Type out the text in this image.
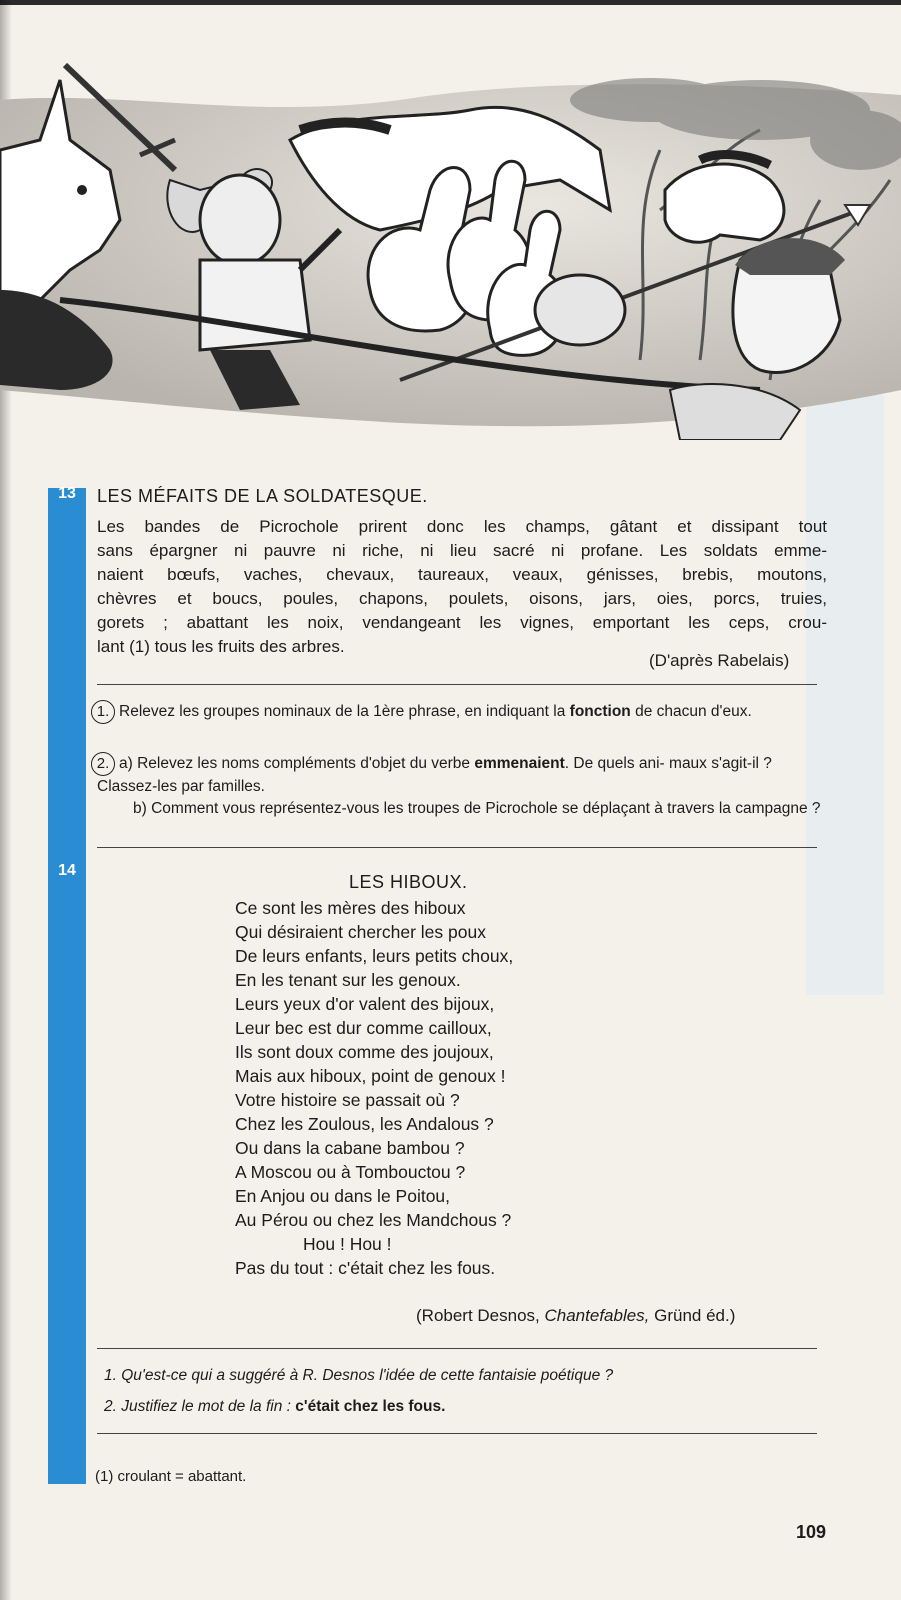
13
14
LES MÉFAITS DE LA SOLDATESQUE.
Les bandes de Picrochole prirent donc les champs, gâtant et dissipant tout
sans épargner ni pauvre ni riche, ni lieu sacré ni profane. Les soldats emme-
naient bœufs, vaches, chevaux, taureaux, veaux, génisses, brebis, moutons,
chèvres et boucs, poules, chapons, poulets, oisons, jars, oies, porcs, truies,
gorets ; abattant les noix, vendangeant les vignes, emportant les ceps, crou-
lant (1) tous les fruits des arbres.
(D'après Rabelais)

1. Relevez les groupes nominaux de la 1ère phrase, en indiquant la fonction de chacun d'eux.

2. a) Relevez les noms compléments d'objet du verbe emmenaient. De quels ani- maux s'agit-il ? Classez-les par familles.

b) Comment vous représentez-vous les troupes de Picrochole se déplaçant à travers la campagne ?

LES HIBOUX.
Ce sont les mères des hiboux
Qui désiraient chercher les poux
De leurs enfants, leurs petits choux,
En les tenant sur les genoux.
Leurs yeux d'or valent des bijoux,
Leur bec est dur comme cailloux,
Ils sont doux comme des joujoux,
Mais aux hiboux, point de genoux !
Votre histoire se passait où ?
Chez les Zoulous, les Andalous ?
Ou dans la cabane bambou ?
A Moscou ou à Tombouctou ?
En Anjou ou dans le Poitou,
Au Pérou ou chez les Mandchous ?
Hou ! Hou !
Pas du tout : c'était chez les fous.
(Robert Desnos, Chantefables, Gründ éd.)
1. Qu'est-ce qui a suggéré à R. Desnos l'idée de cette fantaisie poétique ?
2. Justifiez le mot de la fin : c'était chez les fous.
(1) croulant = abattant.
109
